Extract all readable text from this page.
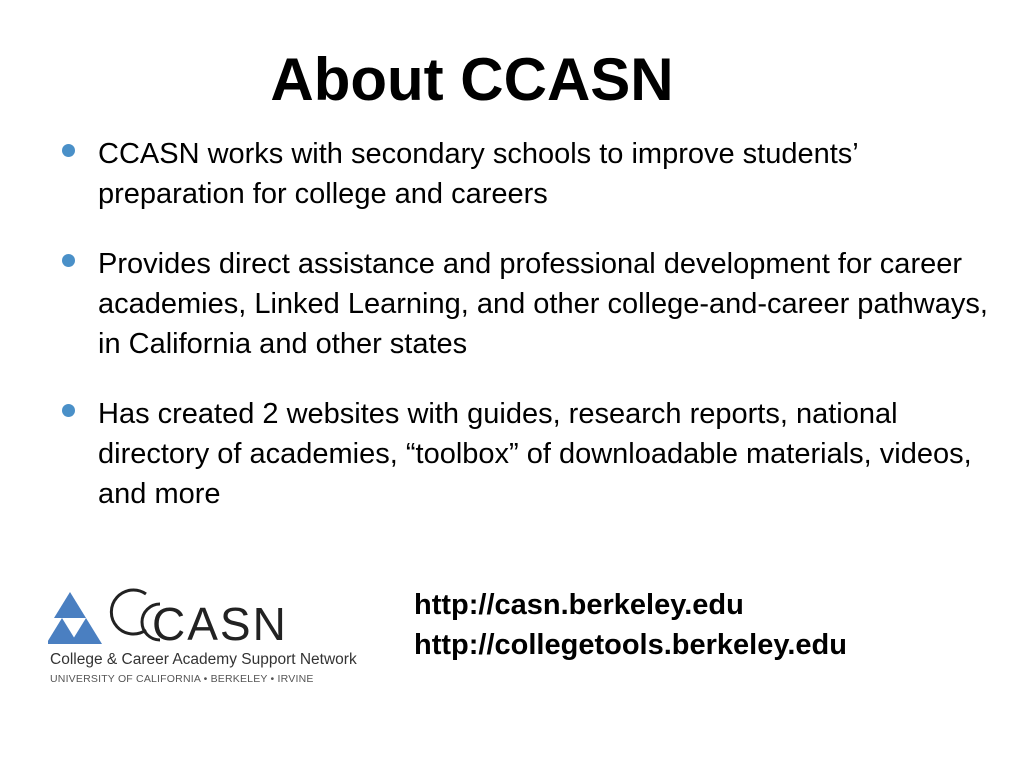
About CCASN
CCASN works with secondary schools to improve students’ preparation for college and careers
Provides direct assistance and professional development for career academies, Linked Learning, and other college-and-career pathways, in California and other states
Has created 2 websites with guides, research reports, national directory of academies, “toolbox” of downloadable materials, videos, and more
CASN
College & Career Academy Support Network
UNIVERSITY OF CALIFORNIA • BERKELEY • IRVINE
http://casn.berkeley.edu
http://collegetools.berkeley.edu
